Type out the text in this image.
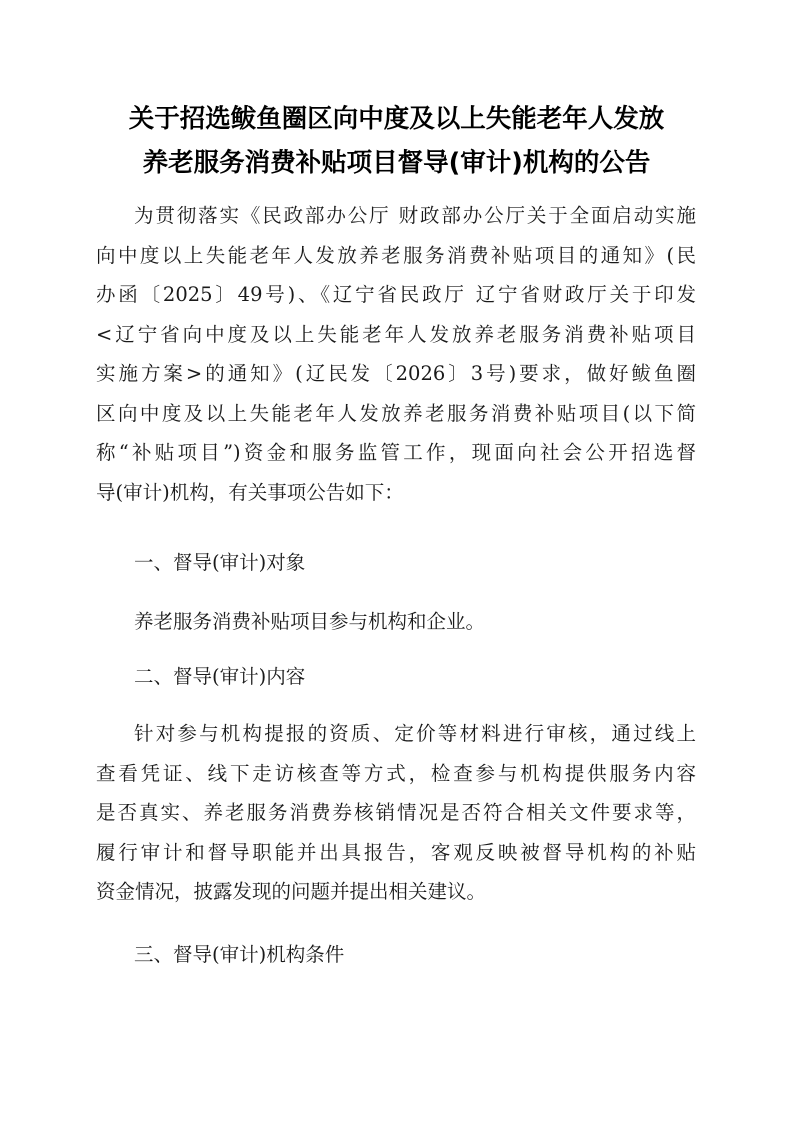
关于招选鲅鱼圈区向中度及以上失能老年人发放
养老服务消费补贴项目督导(审计)机构的公告
为贯彻落实《民政部办公厅 财政部办公厅关于全面启动实施
向中度以上失能老年人发放养老服务消费补贴项目的通知》(民
办函〔2025〕49号)、《辽宁省民政厅 辽宁省财政厅关于印发
<辽宁省向中度及以上失能老年人发放养老服务消费补贴项目
实施方案>的通知》(辽民发〔2026〕3号)要求，做好鲅鱼圈
区向中度及以上失能老年人发放养老服务消费补贴项目(以下简
称“补贴项目”)资金和服务监管工作，现面向社会公开招选督
导(审计)机构，有关事项公告如下：
一、督导(审计)对象
养老服务消费补贴项目参与机构和企业。
二、督导(审计)内容
针对参与机构提报的资质、定价等材料进行审核，通过线上
查看凭证、线下走访核查等方式，检查参与机构提供服务内容
是否真实、养老服务消费券核销情况是否符合相关文件要求等，
履行审计和督导职能并出具报告，客观反映被督导机构的补贴
资金情况，披露发现的问题并提出相关建议。
三、督导(审计)机构条件
